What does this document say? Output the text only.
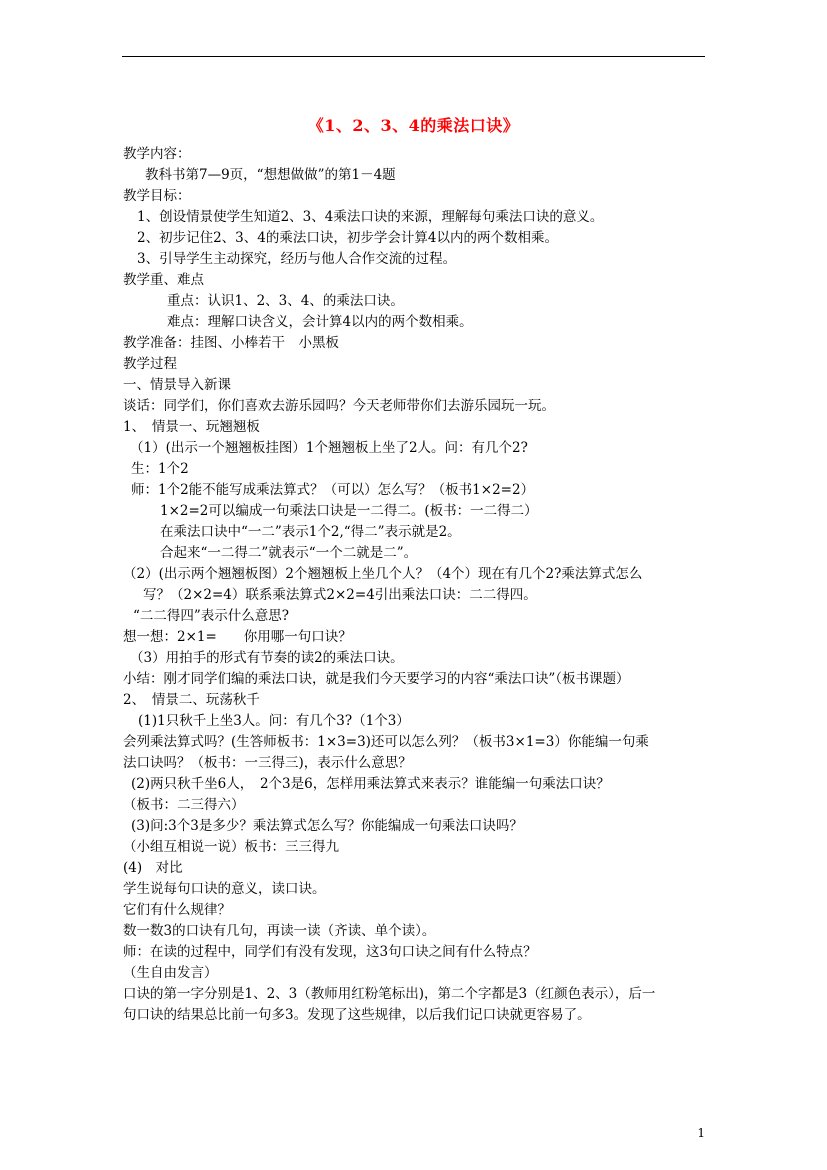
《1、2、3、4的乘法口诀》
教学内容：
教科书第7—9页，“想想做做”的第1－4题
教学目标：
1、创设情景使学生知道2、3、4乘法口诀的来源，理解每句乘法口诀的意义。
2、初步记住2、3、4的乘法口诀，初步学会计算4以内的两个数相乘。
3、引导学生主动探究，经历与他人合作交流的过程。
教学重、难点
重点：认识1、2、3、4、的乘法口诀。
难点：理解口诀含义，会计算4以内的两个数相乘。
教学准备：挂图、小棒若干　小黑板
教学过程
一、情景导入新课
谈话：同学们，你们喜欢去游乐园吗？今天老师带你们去游乐园玩一玩。
1、　情景一、玩翘翘板
（1）(出示一个翘翘板挂图）1个翘翘板上坐了2人。问：有几个2?
生：1个2
师：1个2能不能写成乘法算式？（可以）怎么写？（板书1×2=2）
1×2=2可以编成一句乘法口诀是一二得二。(板书：一二得二）
在乘法口诀中“一二”表示1个2,“得二”表示就是2。
合起来“一二得二”就表示“一个二就是二”。
（2）(出示两个翘翘板图）2个翘翘板上坐几个人？（4个）现在有几个2?乘法算式怎么
写？（2×2=4）联系乘法算式2×2=4引出乘法口诀：二二得四。
“二二得四”表示什么意思?
想一想：2×1=　　你用哪一句口诀？
（3）用拍手的形式有节奏的读2的乘法口诀。
小结：刚才同学们编的乘法口诀，就是我们今天要学习的内容“乘法口诀”（板书课题）
2、　情景二、玩荡秋千
(1)1只秋千上坐3人。问：有几个3?（1个3）
会列乘法算式吗？(生答师板书：1×3=3)还可以怎么列？（板书3×1=3）你能编一句乘
法口诀吗？（板书：一三得三)，表示什么意思？
(2)两只秋千坐6人，　2个3是6，怎样用乘法算式来表示？谁能编一句乘法口诀？
（板书：二三得六）
(3)问:3个3是多少？乘法算式怎么写？你能编成一句乘法口诀吗？
（小组互相说一说）板书：三三得九
(4)　对比
学生说每句口诀的意义，读口诀。
它们有什么规律？
数一数3的口诀有几句，再读一读（齐读、单个读）。
师：在读的过程中，同学们有没有发现，这3句口诀之间有什么特点？
（生自由发言）
口诀的第一字分别是1、2、3（教师用红粉笔标出)，第二个字都是3（红颜色表示），后一
句口诀的结果总比前一句多3。发现了这些规律，以后我们记口诀就更容易了。
1
